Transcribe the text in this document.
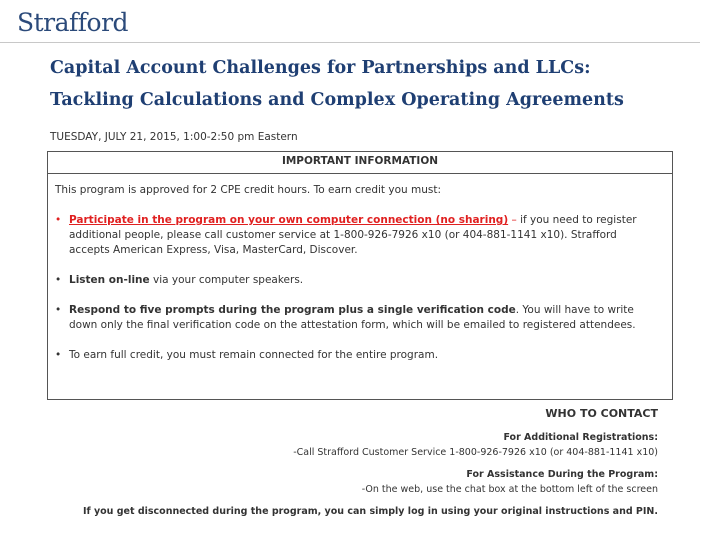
Strafford
Capital Account Challenges for Partnerships and LLCs:
Tackling Calculations and Complex Operating Agreements
TUESDAY, JULY 21, 2015, 1:00-2:50 pm Eastern
IMPORTANT INFORMATION
This program is approved for 2 CPE credit hours. To earn credit you must:
• Participate in the program on your own computer connection (no sharing) – if you need to register additional people, please call customer service at 1-800-926-7926 x10 (or 404-881-1141 x10). Strafford accepts American Express, Visa, MasterCard, Discover.
• Listen on-line via your computer speakers.
• Respond to five prompts during the program plus a single verification code. You will have to write down only the final verification code on the attestation form, which will be emailed to registered attendees.
• To earn full credit, you must remain connected for the entire program.
WHO TO CONTACT
For Additional Registrations:
-Call Strafford Customer Service 1-800-926-7926 x10 (or 404-881-1141 x10)
For Assistance During the Program:
-On the web, use the chat box at the bottom left of the screen
If you get disconnected during the program, you can simply log in using your original instructions and PIN.
